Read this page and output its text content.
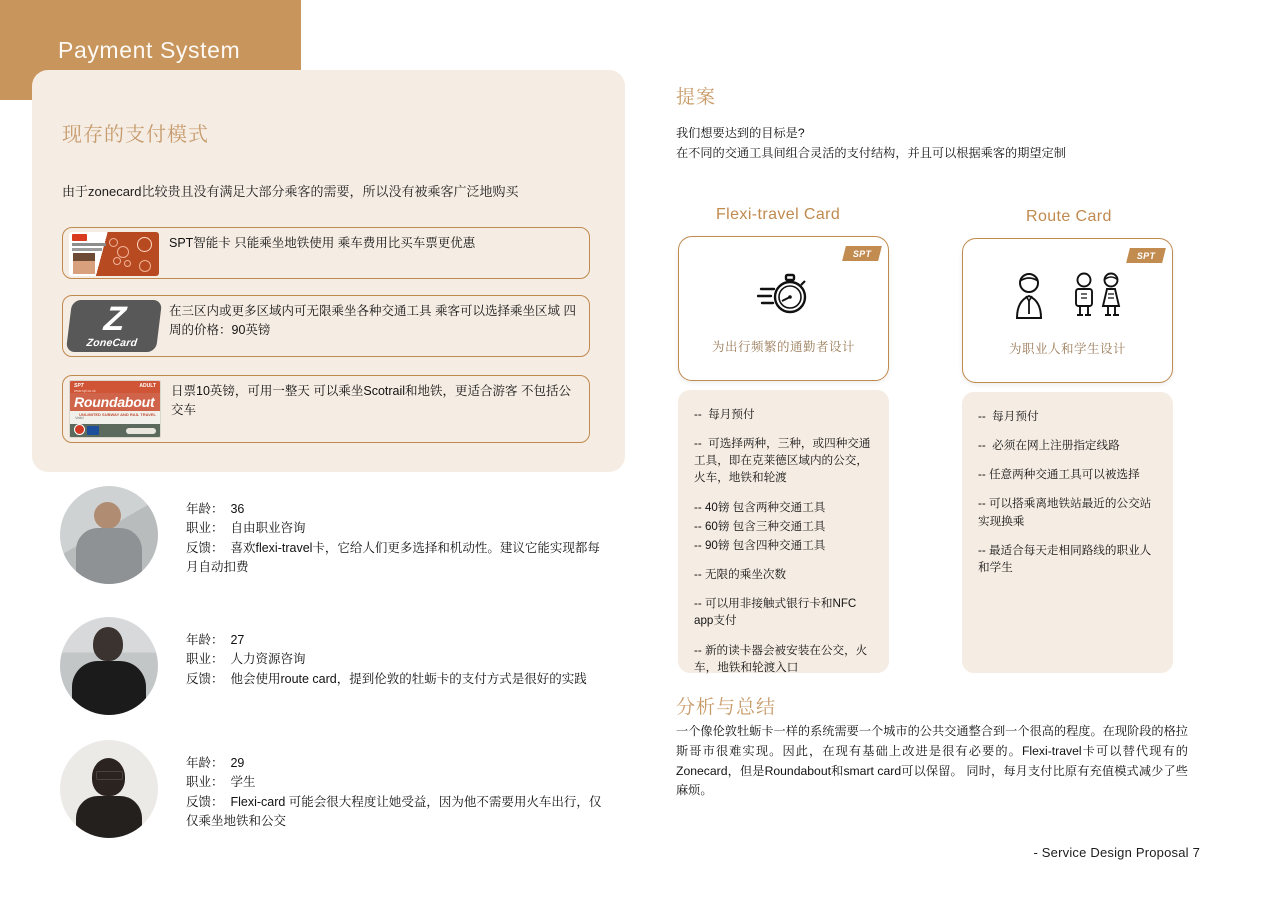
Payment System
现存的支付模式
由于zonecard比较贵且没有满足大部分乘客的需要，所以没有被乘客广泛地购买
SPT智能卡 只能乘坐地铁使用 乘车费用比买车票更优惠
Z
ZoneCard
在三区内或更多区域内可无限乘坐各种交通工具 乘客可以选择乘坐区域 四周的价格：90英镑
SPT	ADULT
www.spt.co.uk
Roundabout
Valid
UNLIMITED SUBWAY AND RAIL TRAVEL
日票10英镑，可用一整天 可以乘坐Scotrail和地铁，更适合游客 不包括公交车
年龄： 36
职业： 自由职业咨询
反馈： 喜欢flexi-travel卡，它给人们更多选择和机动性。建议它能实现都每月自动扣费
年龄： 27
职业： 人力资源咨询
反馈： 他会使用route card，提到伦敦的牡蛎卡的支付方式是很好的实践
年龄： 29
职业： 学生
反馈： Flexi-card 可能会很大程度让她受益，因为他不需要用火车出行，仅仅乘坐地铁和公交
提案
我们想要达到的目标是?
在不同的交通工具间组合灵活的支付结构，并且可以根据乘客的期望定制
Flexi-travel Card	Route Card
SPT
为出行频繁的通勤者设计
SPT
为职业人和学生设计
--  每月预付
--  可选择两种，三种，或四种交通工具，即在克莱德区域内的公交，火车，地铁和轮渡
-- 40镑 包含两种交通工具
-- 60镑 包含三种交通工具
-- 90镑 包含四种交通工具
-- 无限的乘坐次数
-- 可以用非接触式银行卡和NFC app支付
-- 新的读卡器会被安装在公交，火车，地铁和轮渡入口
--  每月预付
--  必须在网上注册指定线路
-- 任意两种交通工具可以被选择
-- 可以搭乘离地铁站最近的公交站实现换乘
-- 最适合每天走相同路线的职业人和学生
分析与总结
一个像伦敦牡蛎卡一样的系统需要一个城市的公共交通整合到一个很高的程度。在现阶段的格拉斯哥市很难实现。因此，在现有基础上改进是很有必要的。Flexi-travel卡可以替代现有的Zonecard，但是Roundabout和smart card可以保留。 同时，每月支付比原有充值模式减少了些麻烦。
- Service Design Proposal 7
